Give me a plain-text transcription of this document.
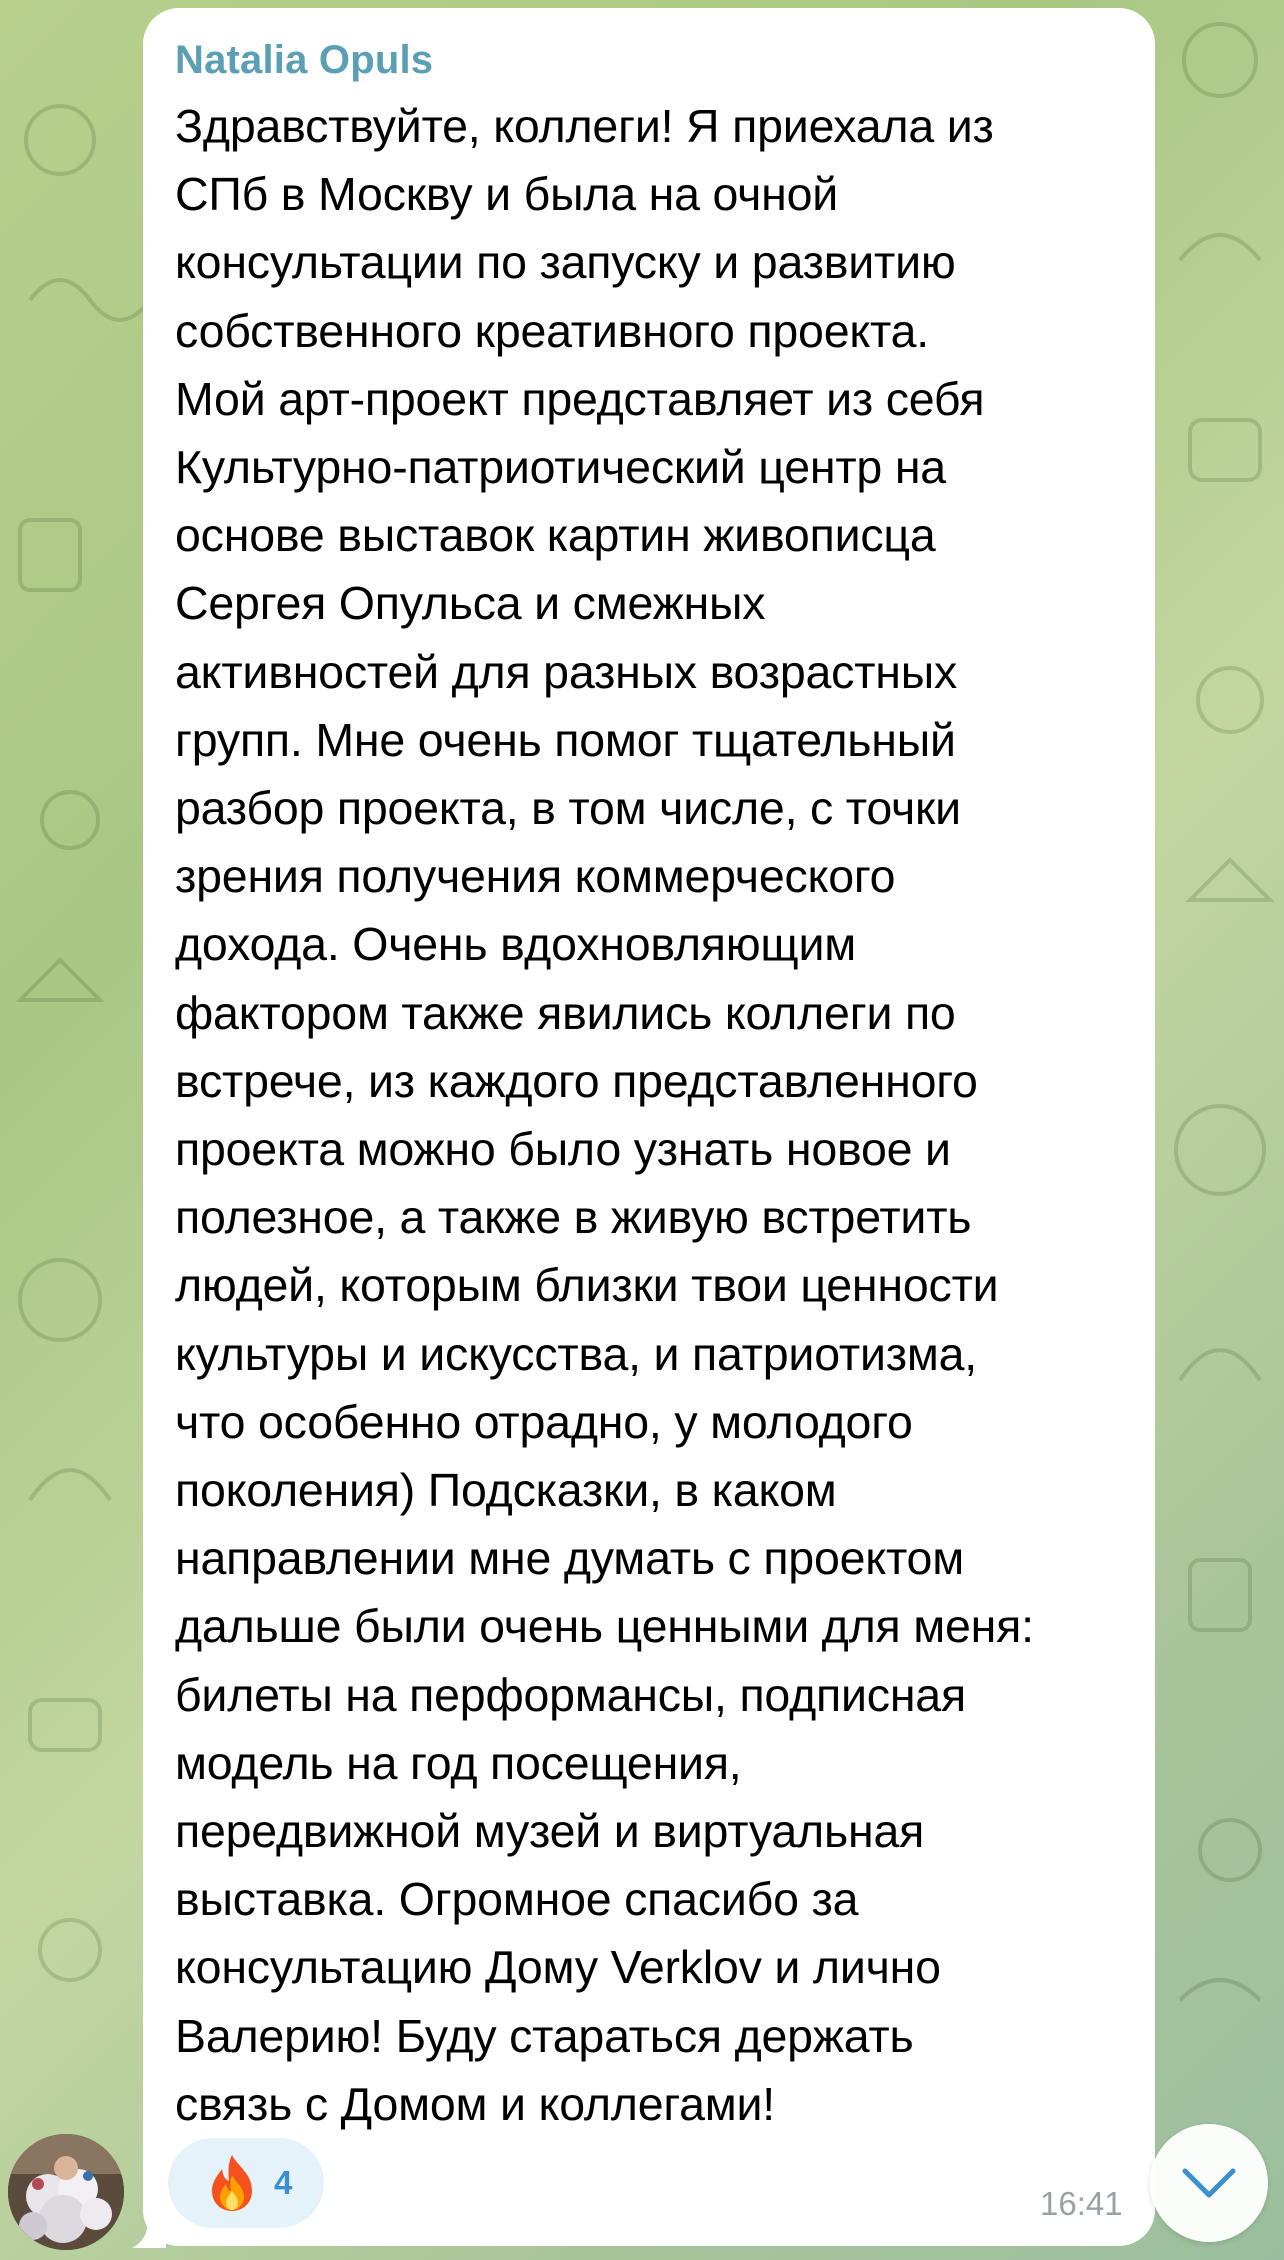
Natalia Opuls
Здравствуйте, коллеги! Я приехала из
СПб в Москву и была на очной
консультации по запуску и развитию
собственного креативного проекта.
Мой арт-проект представляет из себя
Культурно-патриотический центр на
основе выставок картин живописца
Сергея Опульса и смежных
активностей для разных возрастных
групп. Мне очень помог тщательный
разбор проекта, в том числе, с точки
зрения получения коммерческого
дохода. Очень вдохновляющим
фактором также явились коллеги по
встрече, из каждого представленного
проекта можно было узнать новое и
полезное, а также в живую встретить
людей, которым близки твои ценности
культуры и искусства, и патриотизма,
что особенно отрадно, у молодого
поколения) Подсказки, в каком
направлении мне думать с проектом
дальше были очень ценными для меня:
билеты на перформансы, подписная
модель на год посещения,
передвижной музей и виртуальная
выставка. Огромное спасибо за
консультацию Дому Verklov и лично
Валерию! Буду стараться держать
связь с Домом и коллегами!
4
16:41
